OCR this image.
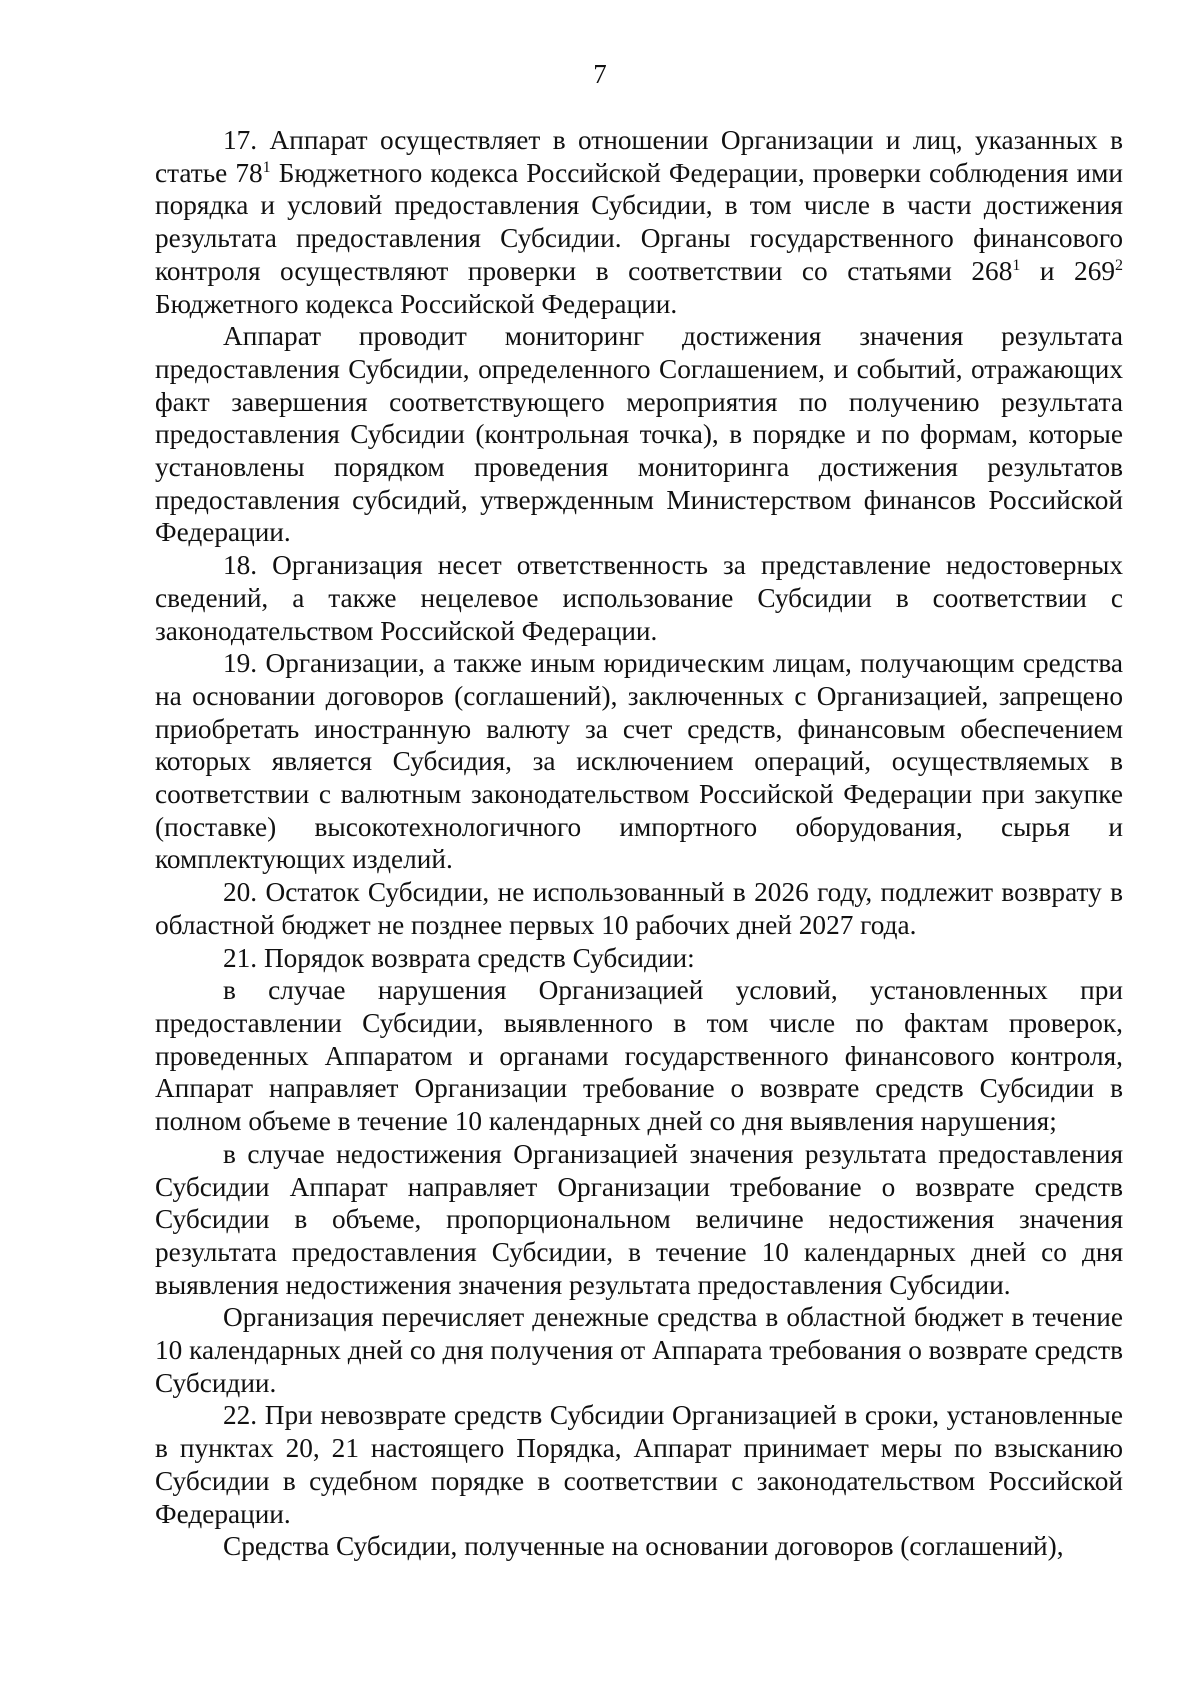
7

17. Аппарат осуществляет в отношении Организации и лиц, указанных в статье $78^1$ Бюджетного кодекса Российской Федерации, проверки соблюдения ими порядка и условий предоставления Субсидии, в том числе в части достижения результата предоставления Субсидии. Органы государственного финансового контроля осуществляют проверки в соответствии со статьями $268^1$ и $269^2$ Бюджетного кодекса Российской Федерации.

Аппарат проводит мониторинг достижения значения результата предоставления Субсидии, определенного Соглашением, и событий, отражающих факт завершения соответствующего мероприятия по получению результата предоставления Субсидии (контрольная точка), в порядке и по формам, которые установлены порядком проведения мониторинга достижения результатов предоставления субсидий, утвержденным Министерством финансов Российской Федерации.

18. Организация несет ответственность за представление недостоверных сведений, а также нецелевое использование Субсидии в соответствии с законодательством Российской Федерации.

19. Организации, а также иным юридическим лицам, получающим средства на основании договоров (соглашений), заключенных с Организацией, запрещено приобретать иностранную валюту за счет средств, финансовым обеспечением которых является Субсидия, за исключением операций, осуществляемых в соответствии с валютным законодательством Российской Федерации при закупке (поставке) высокотехнологичного импортного оборудования, сырья и комплектующих изделий.

20. Остаток Субсидии, не использованный в 2026 году, подлежит возврату в областной бюджет не позднее первых 10 рабочих дней 2027 года.

21. Порядок возврата средств Субсидии:

в случае нарушения Организацией условий, установленных при предоставлении Субсидии, выявленного в том числе по фактам проверок, проведенных Аппаратом и органами государственного финансового контроля, Аппарат направляет Организации требование о возврате средств Субсидии в полном объеме в течение 10 календарных дней со дня выявления нарушения;

в случае недостижения Организацией значения результата предоставления Субсидии Аппарат направляет Организации требование о возврате средств Субсидии в объеме, пропорциональном величине недостижения значения результата предоставления Субсидии, в течение 10 календарных дней со дня выявления недостижения значения результата предоставления Субсидии.

Организация перечисляет денежные средства в областной бюджет в течение 10 календарных дней со дня получения от Аппарата требования о возврате средств Субсидии.

22. При невозврате средств Субсидии Организацией в сроки, установленные в пунктах 20, 21 настоящего Порядка, Аппарат принимает меры по взысканию Субсидии в судебном порядке в соответствии с законодательством Российской Федерации.

Средства Субсидии, полученные на основании договоров (соглашений),
